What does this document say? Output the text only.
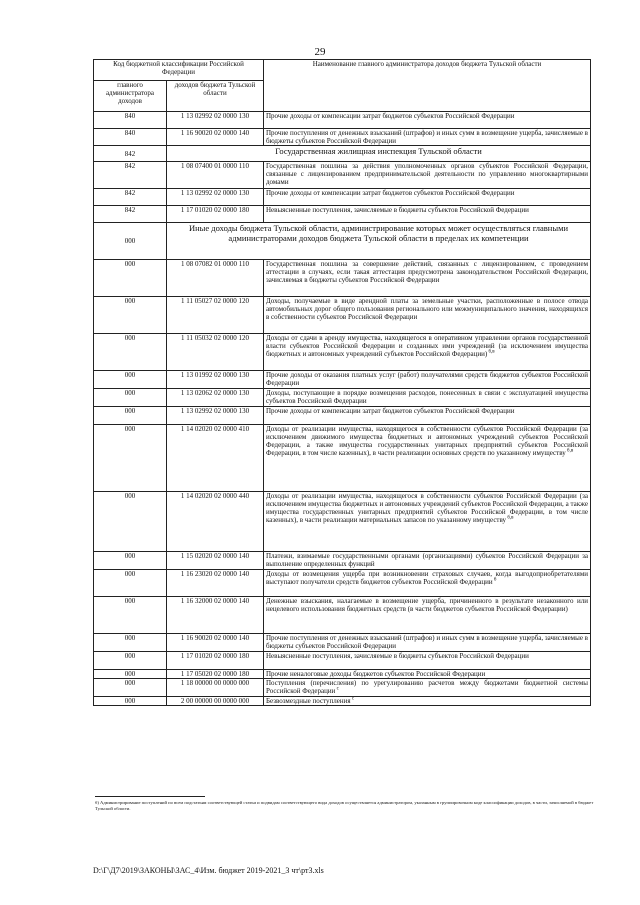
29
Код бюджетной классификации Российской Федерации		Наименование главного администратора доходов бюджета Тульской области
главного администратора доходов	доходов бюджета Тульской области	
840	1 13 02992 02 0000 130	Прочие доходы от компенсации затрат бюджетов субъектов Российской Федерации
840	1 16 90020 02 0000 140	Прочие поступления от денежных взысканий (штрафов) и иных сумм в возмещение ущерба, зачисляемые в бюджеты субъектов Российской Федерации
842	Государственная жилищная инспекция Тульской области	
842	1 08 07400 01 0000 110	Государственная пошлина за действия уполномоченных органов субъектов Российской Федерации, связанные с лицензированием предпринимательской деятельности по управлению многоквартирными домами
842	1 13 02992 02 0000 130	Прочие доходы от компенсации затрат бюджетов субъектов Российской Федерации
842	1 17 01020 02 0000 180	Невыясненные поступления, зачисляемые в бюджеты субъектов Российской Федерации
000	Иные доходы бюджета Тульской области, администрирование которых может осуществляться главными администраторами доходов бюджета Тульской области в пределах их компетенции	
000	1 08 07082 01 0000 110	Государственная пошлина за совершение действий, связанных с лицензированием, с проведением аттестации в случаях, если такая аттестация предусмотрена законодательством Российской Федерации, зачисляемая в бюджеты субъектов Российской Федерации
000	1 11 05027 02 0000 120	Доходы, получаемые в виде арендной платы за земельные участки, расположенные в полосе отвода автомобильных дорог общего пользования регионального или межмуниципального значения, находящихся в собственности субъектов Российской Федерации
000	1 11 05032 02 0000 120	Доходы от сдачи в аренду имущества, находящегося в оперативном управлении органов государственной власти субъектов Российской Федерации и созданных ими учреждений (за исключением имущества бюджетных и автономных учреждений субъектов Российской Федерации) $^{б,в}$
000	1 13 01992 02 0000 130	Прочие доходы от оказания платных услуг (работ) получателями средств бюджетов субъектов Российской Федерации
000	1 13 02062 02 0000 130	Доходы, поступающие в порядке возмещения расходов, понесенных в связи с эксплуатацией имущества субъектов Российской Федерации
000	1 13 02992 02 0000 130	Прочие доходы от компенсации затрат бюджетов субъектов Российской Федерации
000	1 14 02020 02 0000 410	Доходы от реализации имущества, находящегося в собственности субъектов Российской Федерации (за исключением движимого имущества бюджетных и автономных учреждений субъектов Российской Федерации, а также имущества государственных унитарных предприятий субъектов Российской Федерации, в том числе казенных), в части реализации основных средств по указанному имуществу $^{б,в}$
000	1 14 02020 02 0000 440	Доходы от реализации имущества, находящегося в собственности субъектов Российской Федерации (за исключением имущества бюджетных и автономных учреждений субъектов Российской Федерации, а также имущества государственных унитарных предприятий субъектов Российской Федерации, в том числе казенных), в части реализации материальных запасов по указанному имуществу $^{б,в}$
000	1 15 02020 02 0000 140	Платежи, взимаемые государственными органами (организациями) субъектов Российской Федерации за выполнение определенных функций
000	1 16 23020 02 0000 140	Доходы от возмещения ущерба при возникновении страховых случаев, когда выгодоприобретателями выступают получатели средств бюджетов субъектов Российской Федерации $^б$
000	1 16 32000 02 0000 140	Денежные взыскания, налагаемые в возмещение ущерба, причиненного в результате незаконного или нецелевого использования бюджетных средств (в части бюджетов субъектов Российской Федерации)
000	1 16 90020 02 0000 140	Прочие поступления от денежных взысканий (штрафов) и иных сумм в возмещение ущерба, зачисляемые в бюджеты субъектов Российской Федерации
000	1 17 01020 02 0000 180	Невыясненные поступления, зачисляемые в бюджеты субъектов Российской Федерации
000	1 17 05020 02 0000 180	Прочие неналоговые доходы бюджетов субъектов Российской Федерации
000	1 18 00000 00 0000 000	Поступления (перечисления) по урегулированию расчетов между бюджетами бюджетной системы Российской Федерации $^с$
000	2 00 00000 00 0000 000	Безвозмездные поступления $^с$
б) Администрирование поступлений по всем подстатьям соответствующей статьи и подвидам соответствующего вида доходов осуществляется администратором, указанным в группировочном коде классификации доходов, в части, зачисляемой в бюджет Тульской области.
D:\Г\Д7\2019\ЗАКОНЫ\ЗАС_4\Изм. бюджет 2019-2021_3 чт\рт3.xls
